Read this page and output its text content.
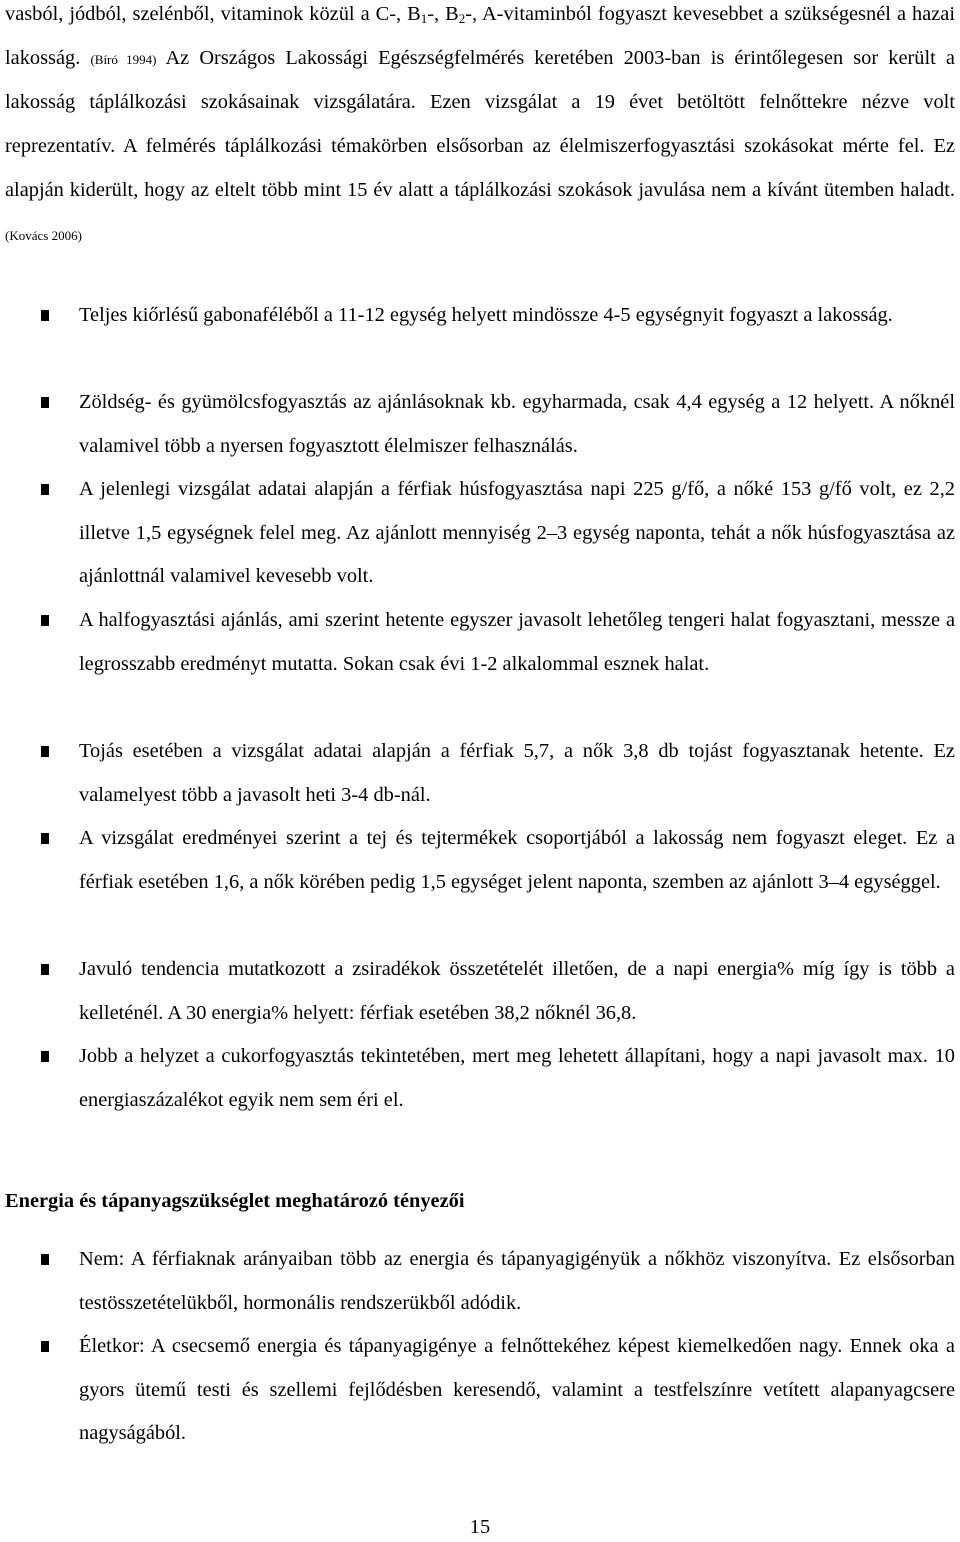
vasból, jódból, szelénből, vitaminok közül a C-, $B_1-$, $B_2-$, A-vitaminból fogyaszt kevesebbet a szükségesnél a hazai lakosság. (Bíró 1994) Az Országos Lakossági Egészségfelmérés keretében 2003-ban is érintőlegesen sor került a lakosság táplálkozási szokásainak vizsgálatára. Ezen vizsgálat a 19 évet betöltött felnőttekre nézve volt reprezentatív. A felmérés táplálkozási témakörben elsősorban az élelmiszerfogyasztási szokásokat mérte fel. Ez alapján kiderült, hogy az eltelt több mint 15 év alatt a táplálkozási szokások javulása nem a kívánt ütemben haladt. (Kovács 2006)
Teljes kiőrlésű gabonaféléből a 11-12 egység helyett mindössze 4-5 egységnyit fogyaszt a lakosság.
Zöldség- és gyümölcsfogyasztás az ajánlásoknak kb. egyharmada, csak 4,4 egység a 12 helyett. A nőknél valamivel több a nyersen fogyasztott élelmiszer felhasználás.
A jelenlegi vizsgálat adatai alapján a férfiak húsfogyasztása napi 225 g/fő, a nőké 153 g/fő volt, ez 2,2 illetve 1,5 egységnek felel meg. Az ajánlott mennyiség 2–3 egység naponta, tehát a nők húsfogyasztása az ajánlottnál valamivel kevesebb volt.
A halfogyasztási ajánlás, ami szerint hetente egyszer javasolt lehetőleg tengeri halat fogyasztani, messze a legrosszabb eredményt mutatta. Sokan csak évi 1-2 alkalommal esznek halat.
Tojás esetében a vizsgálat adatai alapján a férfiak 5,7, a nők 3,8 db tojást fogyasztanak hetente. Ez valamelyest több a javasolt heti 3-4 db-nál.
A vizsgálat eredményei szerint a tej és tejtermékek csoportjából a lakosság nem fogyaszt eleget. Ez a férfiak esetében 1,6, a nők körében pedig 1,5 egységet jelent naponta, szemben az ajánlott 3–4 egységgel.
Javuló tendencia mutatkozott a zsiradékok összetételét illetően, de a napi energia% míg így is több a kelleténél. A 30 energia% helyett: férfiak esetében 38,2 nőknél 36,8.
Jobb a helyzet a cukorfogyasztás tekintetében, mert meg lehetett állapítani, hogy a napi javasolt max. 10 energiaszázalékot egyik nem sem éri el.
Energia és tápanyagszükséglet meghatározó tényezői
Nem: A férfiaknak arányaiban több az energia és tápanyagigényük a nőkhöz viszonyítva. Ez elsősorban testösszetételükből, hormonális rendszerükből adódik.
Életkor: A csecsemő energia és tápanyagigénye a felnőttekéhez képest kiemelkedően nagy. Ennek oka a gyors ütemű testi és szellemi fejlődésben keresendő, valamint a testfelszínre vetített alapanyagcsere nagyságából.
15
